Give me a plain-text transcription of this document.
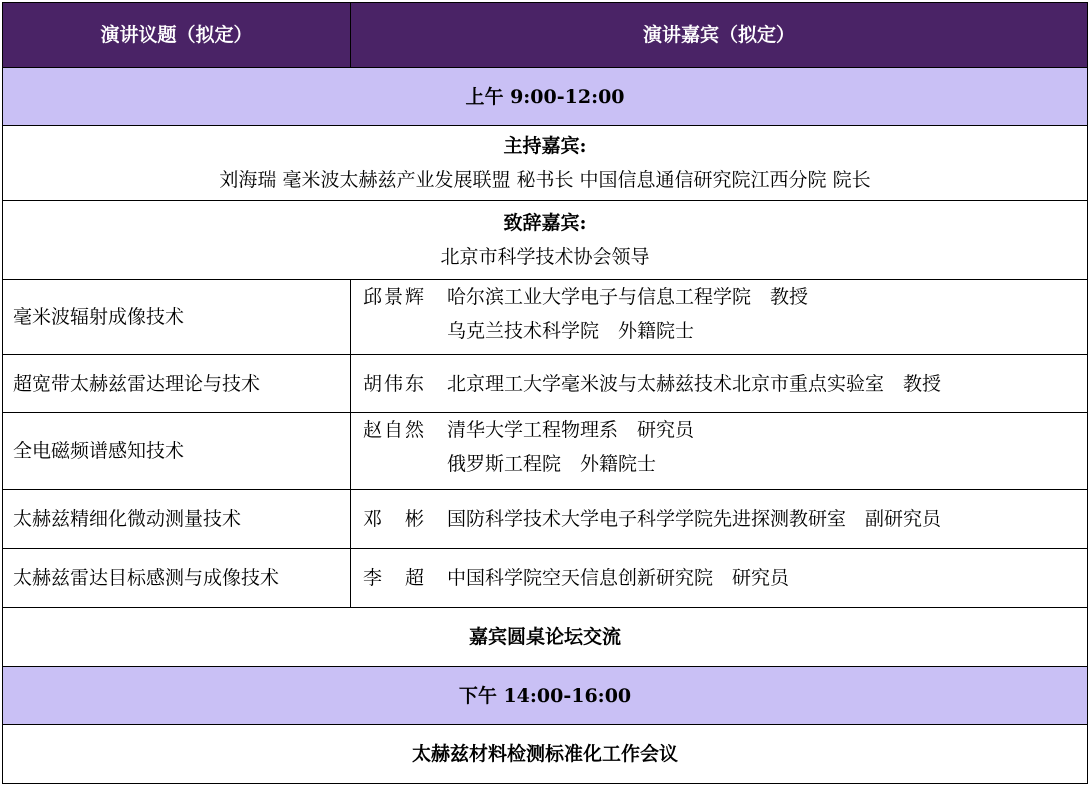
演讲议题（拟定）	演讲嘉宾（拟定）
上午 9:00-12:00	

主持嘉宾:
刘海瑞 毫米波太赫兹产业发展联盟 秘书长 中国信息通信研究院江西分院 院长	

致辞嘉宾:
北京市科学技术协会领导	

毫米波辐射成像技术	邱景辉 哈尔滨工业大学电子与信息工程学院　教授
乌克兰技术科学院　外籍院士

超宽带太赫兹雷达理论与技术	胡伟东 北京理工大学毫米波与太赫兹技术北京市重点实验室　教授

全电磁频谱感知技术	赵自然 清华大学工程物理系　研究员
俄罗斯工程院　外籍院士

太赫兹精细化微动测量技术	邓　彬 国防科学技术大学电子科学学院先进探测教研室　副研究员

太赫兹雷达目标感测与成像技术	李　超 中国科学院空天信息创新研究院　研究员

嘉宾圆桌论坛交流	
下午 14:00-16:00	
太赫兹材料检测标准化工作会议	
